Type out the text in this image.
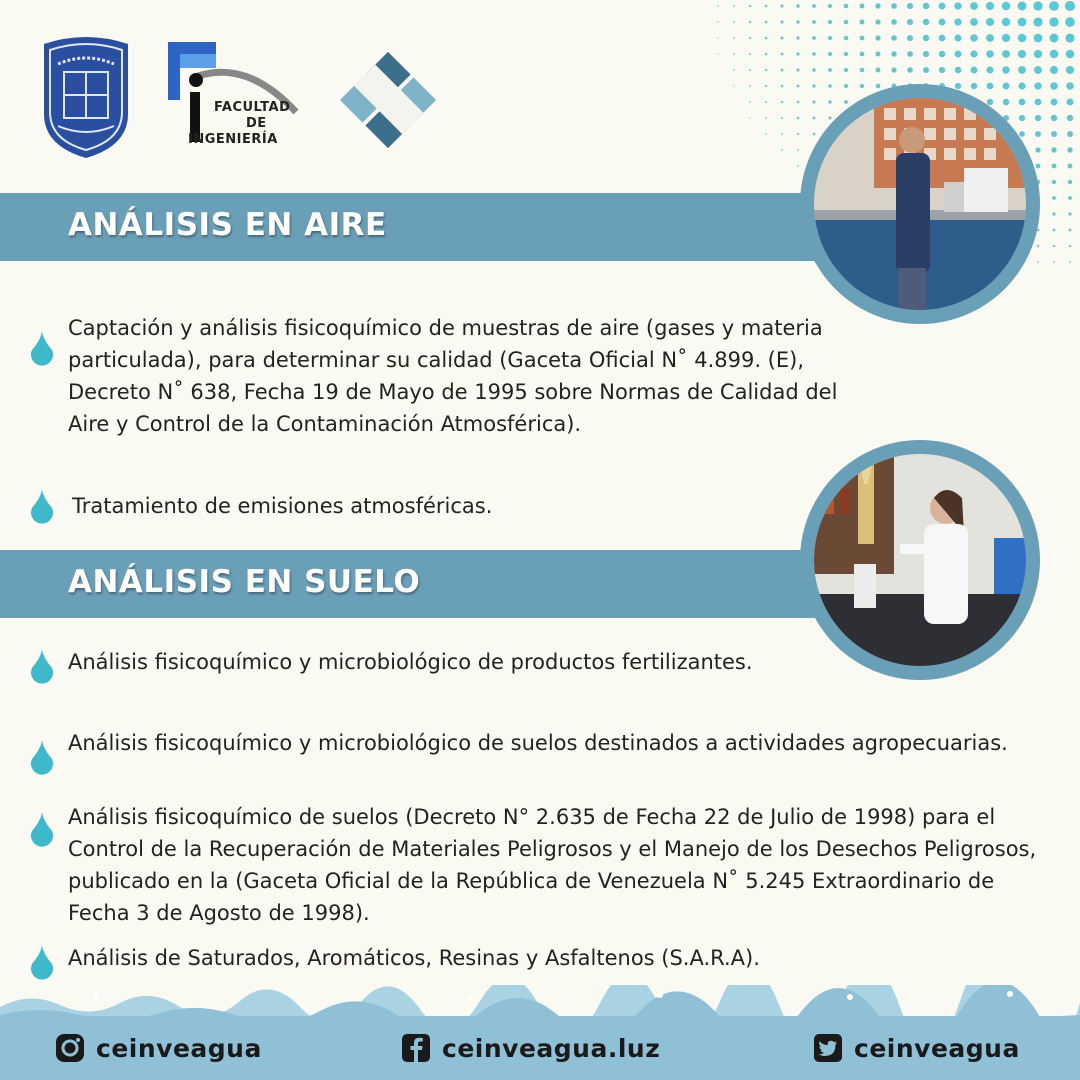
FACULTAD
DE
INGENIERÍA
ANÁLISIS EN AIRE
Captación y análisis fisicoquímico de muestras de aire (gases y materia particulada), para determinar su calidad (Gaceta Oficial N˚ 4.899. (E), Decreto N˚ 638, Fecha 19 de Mayo de 1995 sobre Normas de Calidad del Aire y Control de la Contaminación Atmosférica).
Tratamiento de emisiones atmosféricas.
ANÁLISIS EN SUELO
Análisis fisicoquímico y microbiológico de productos fertilizantes.
Análisis fisicoquímico y microbiológico de suelos destinados a actividades agropecuarias.
Análisis fisicoquímico de suelos (Decreto N° 2.635 de Fecha 22 de Julio de 1998) para el Control de la Recuperación de Materiales Peligrosos y el Manejo de los Desechos Peligrosos, publicado en la (Gaceta Oficial de la República de Venezuela N˚ 5.245 Extraordinario de Fecha 3 de Agosto de 1998).
Análisis de Saturados, Aromáticos, Resinas y Asfaltenos (S.A.R.A).
ceinveagua	ceinveagua.luz	ceinveagua
